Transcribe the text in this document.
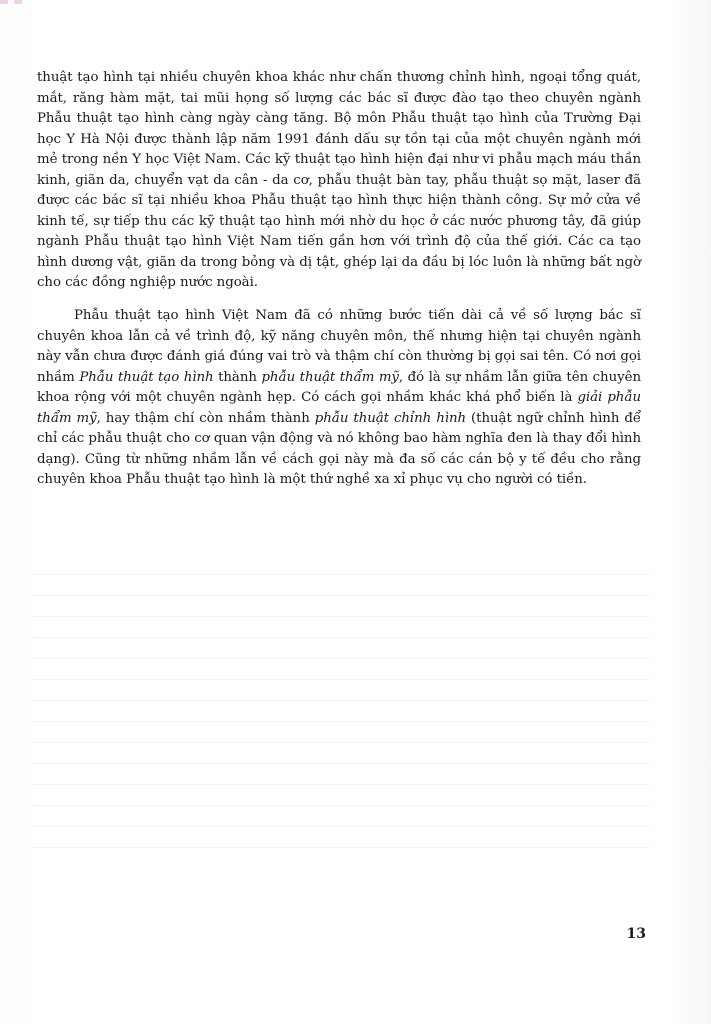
thuật tạo hình tại nhiều chuyên khoa khác như chấn thương chỉnh hình, ngoại tổng quát, mắt, răng hàm mặt, tai mũi họng số lượng các bác sĩ được đào tạo theo chuyên ngành Phẫu thuật tạo hình càng ngày càng tăng. Bộ môn Phẫu thuật tạo hình của Trường Đại học Y Hà Nội được thành lập năm 1991 đánh dấu sự tồn tại của một chuyên ngành mới mẻ trong nền Y học Việt Nam. Các kỹ thuật tạo hình hiện đại như vi phẫu mạch máu thần kinh, giãn da, chuyển vạt da cân - da cơ, phẫu thuật bàn tay, phẫu thuật sọ mặt, laser đã được các bác sĩ tại nhiều khoa Phẫu thuật tạo hình thực hiện thành công. Sự mở cửa về kinh tế, sự tiếp thu các kỹ thuật tạo hình mới nhờ du học ở các nước phương tây, đã giúp ngành Phẫu thuật tạo hình Việt Nam tiến gần hơn với trình độ của thế giới. Các ca tạo hình dương vật, giãn da trong bỏng và dị tật, ghép lại da đầu bị lóc luôn là những bất ngờ cho các đồng nghiệp nước ngoài.

Phẫu thuật tạo hình Việt Nam đã có những bước tiến dài cả về số lượng bác sĩ chuyên khoa lẫn cả về trình độ, kỹ năng chuyên môn, thế nhưng hiện tại chuyên ngành này vẫn chưa được đánh giá đúng vai trò và thậm chí còn thường bị gọi sai tên. Có nơi gọi nhầm Phẫu thuật tạo hình thành phẫu thuật thẩm mỹ, đó là sự nhầm lẫn giữa tên chuyên khoa rộng với một chuyên ngành hẹp. Có cách gọi nhầm khác khá phổ biến là giải phẫu thẩm mỹ, hay thậm chí còn nhầm thành phẫu thuật chỉnh hình (thuật ngữ chỉnh hình để chỉ các phẫu thuật cho cơ quan vận động và nó không bao hàm nghĩa đen là thay đổi hình dạng). Cũng từ những nhầm lẫn về cách gọi này mà đa số các cán bộ y tế đều cho rằng chuyên khoa Phẫu thuật tạo hình là một thứ nghề xa xỉ phục vụ cho người có tiền.

13
